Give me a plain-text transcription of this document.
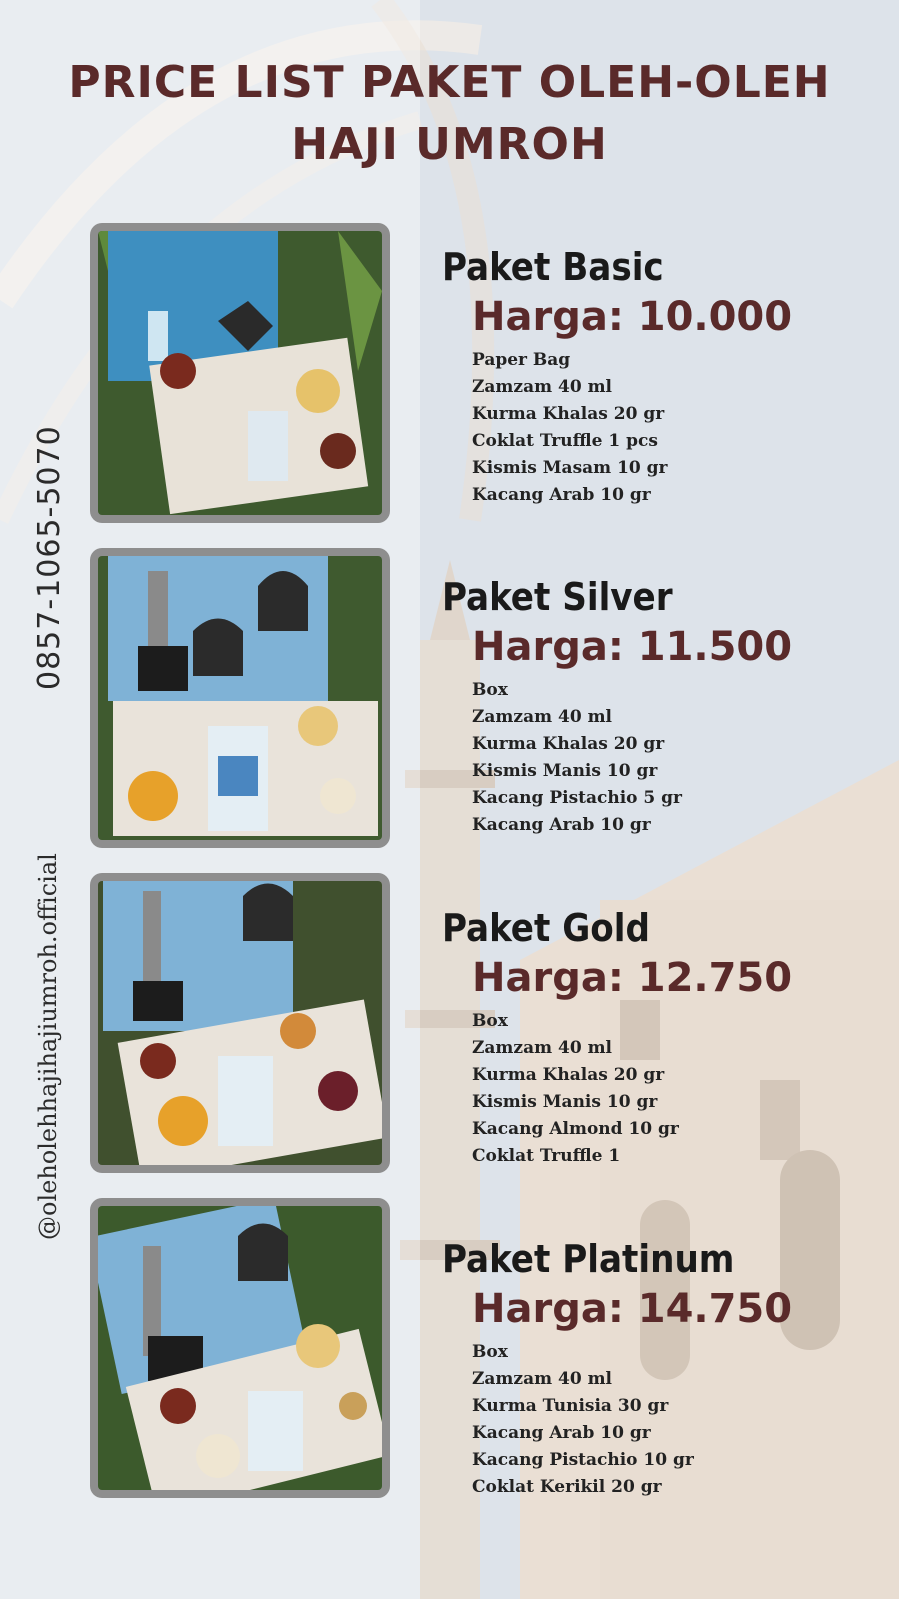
PRICE LIST PAKET OLEH-OLEH
HAJI UMROH
0857-1065-5070
@oleholehhajihajiumroh.official
Paket Basic
Harga: 10.000
Paper Bag
Zamzam 40 ml
Kurma Khalas 20 gr
Coklat Truffle 1 pcs
Kismis Masam 10 gr
Kacang Arab 10 gr
Paket Silver
Harga: 11.500
Box
Zamzam 40 ml
Kurma Khalas 20 gr
Kismis Manis 10 gr
Kacang Pistachio 5 gr
Kacang Arab 10 gr
Paket Gold
Harga: 12.750
Box
Zamzam 40 ml
Kurma Khalas 20 gr
Kismis Manis 10 gr
Kacang Almond 10 gr
Coklat Truffle 1
Paket Platinum
Harga: 14.750
Box
Zamzam 40 ml
Kurma Tunisia 30 gr
Kacang Arab 10 gr
Kacang Pistachio 10 gr
Coklat Kerikil 20 gr
